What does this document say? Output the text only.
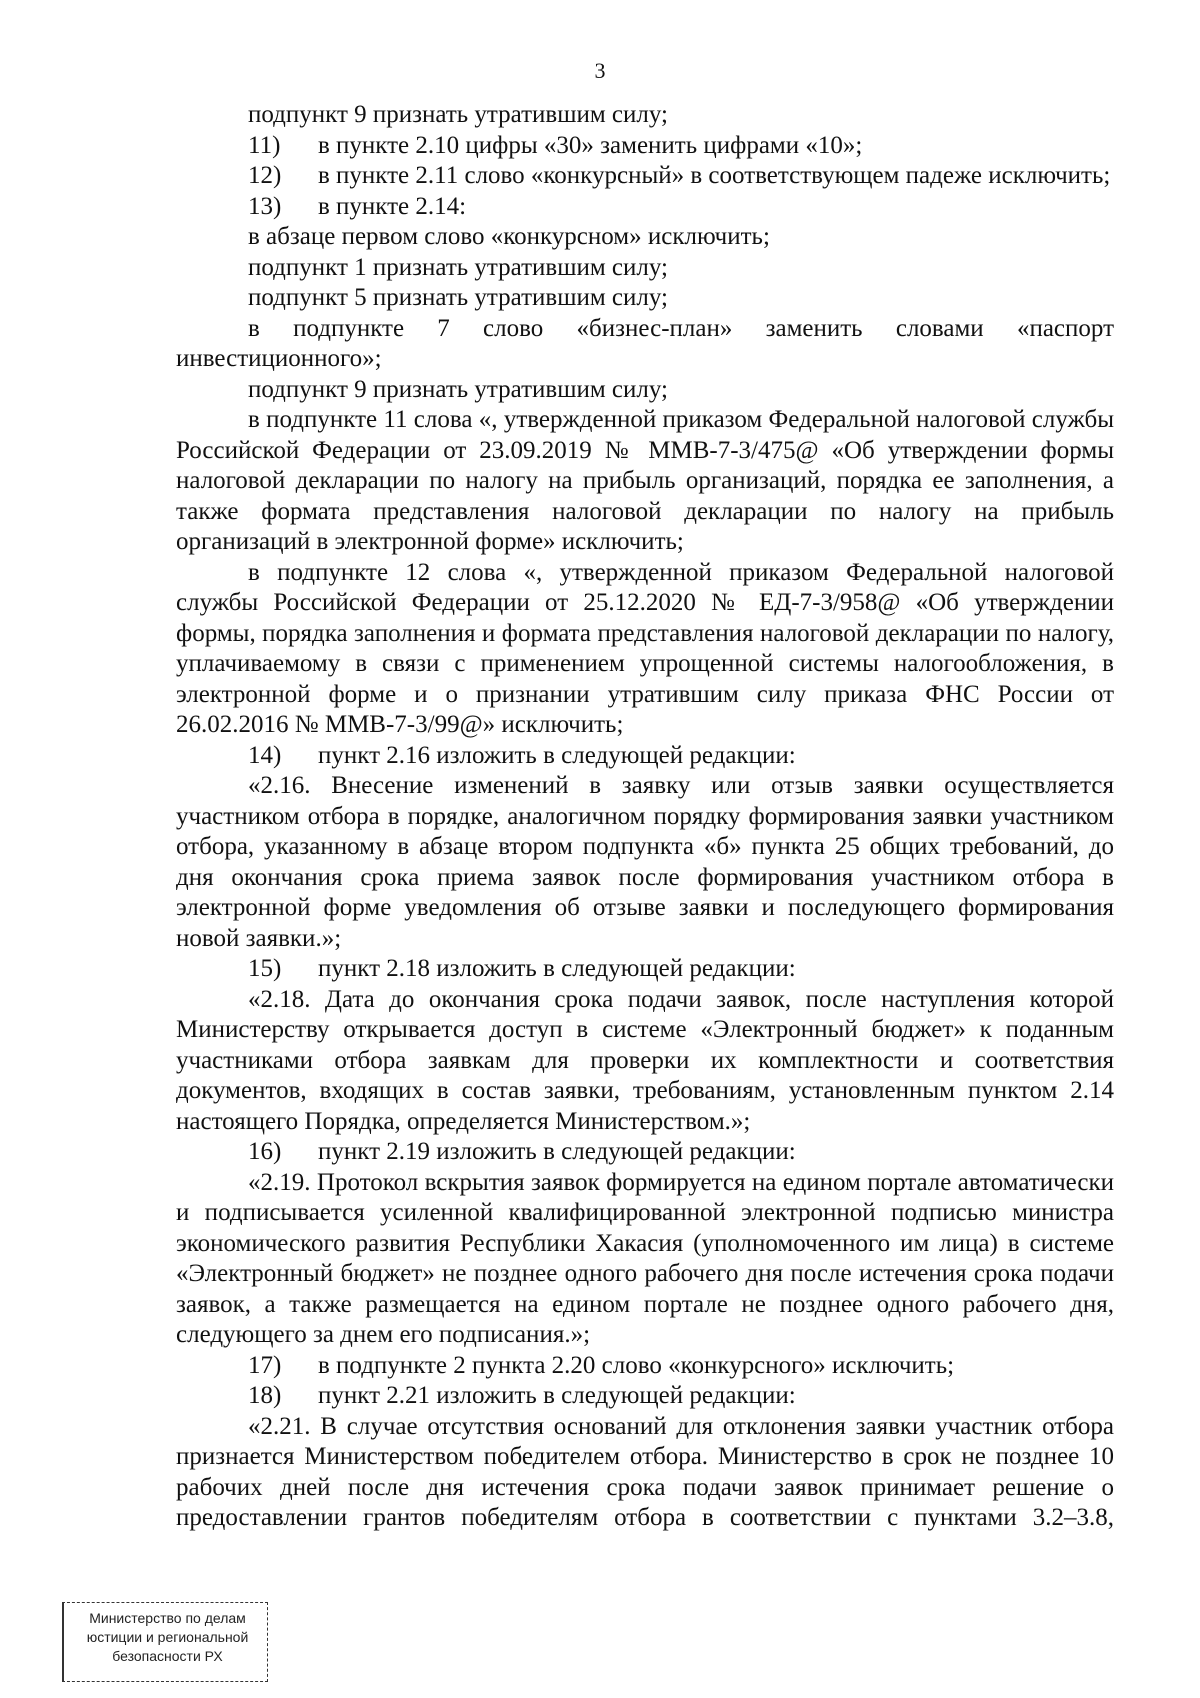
3

подпункт 9 признать утратившим силу;

11) в пункте 2.10 цифры «30» заменить цифрами «10»;

12) в пункте 2.11 слово «конкурсный» в соответствующем падеже исключить;

13) в пункте 2.14:

в абзаце первом слово «конкурсном» исключить;

подпункт 1 признать утратившим силу;

подпункт 5 признать утратившим силу;

в подпункте 7 слово «бизнес-план» заменить словами «паспорт инвестиционного»;

подпункт 9 признать утратившим силу;

в подпункте 11 слова «, утвержденной приказом Федеральной налоговой службы Российской Федерации от 23.09.2019 № ММВ-7-3/475@ «Об утверждении формы налоговой декларации по налогу на прибыль организаций, порядка ее заполнения, а также формата представления налоговой декларации по налогу на прибыль организаций в электронной форме» исключить;

в подпункте 12 слова «, утвержденной приказом Федеральной налоговой службы Российской Федерации от 25.12.2020 № ЕД-7-3/958@ «Об утверждении формы, порядка заполнения и формата представления налоговой декларации по налогу, уплачиваемому в связи с применением упрощенной системы налогообложения, в электронной форме и о признании утратившим силу приказа ФНС России от 26.02.2016 № ММВ-7-3/99@» исключить;

14) пункт 2.16 изложить в следующей редакции:

«2.16. Внесение изменений в заявку или отзыв заявки осуществляется участником отбора в порядке, аналогичном порядку формирования заявки участником отбора, указанному в абзаце втором подпункта «б» пункта 25 общих требований, до дня окончания срока приема заявок после формирования участником отбора в электронной форме уведомления об отзыве заявки и последующего формирования новой заявки.»;

15) пункт 2.18 изложить в следующей редакции:

«2.18. Дата до окончания срока подачи заявок, после наступления которой Министерству открывается доступ в системе «Электронный бюджет» к поданным участниками отбора заявкам для проверки их комплектности и соответствия документов, входящих в состав заявки, требованиям, установленным пунктом 2.14 настоящего Порядка, определяется Министерством.»;

16) пункт 2.19 изложить в следующей редакции:

«2.19. Протокол вскрытия заявок формируется на едином портале автоматически и подписывается усиленной квалифицированной электронной подписью министра экономического развития Республики Хакасия (уполномоченного им лица) в системе «Электронный бюджет» не позднее одного рабочего дня после истечения срока подачи заявок, а также размещается на едином портале не позднее одного рабочего дня, следующего за днем его подписания.»;

17) в подпункте 2 пункта 2.20 слово «конкурсного» исключить;

18) пункт 2.21 изложить в следующей редакции:

«2.21. В случае отсутствия оснований для отклонения заявки участник отбора признается Министерством победителем отбора. Министерство в срок не позднее 10 рабочих дней после дня истечения срока подачи заявок принимает решение о предоставлении грантов победителям отбора в соответствии с пунктами 3.2–3.8,

Министерство по делам
юстиции и региональной
безопасности РХ
